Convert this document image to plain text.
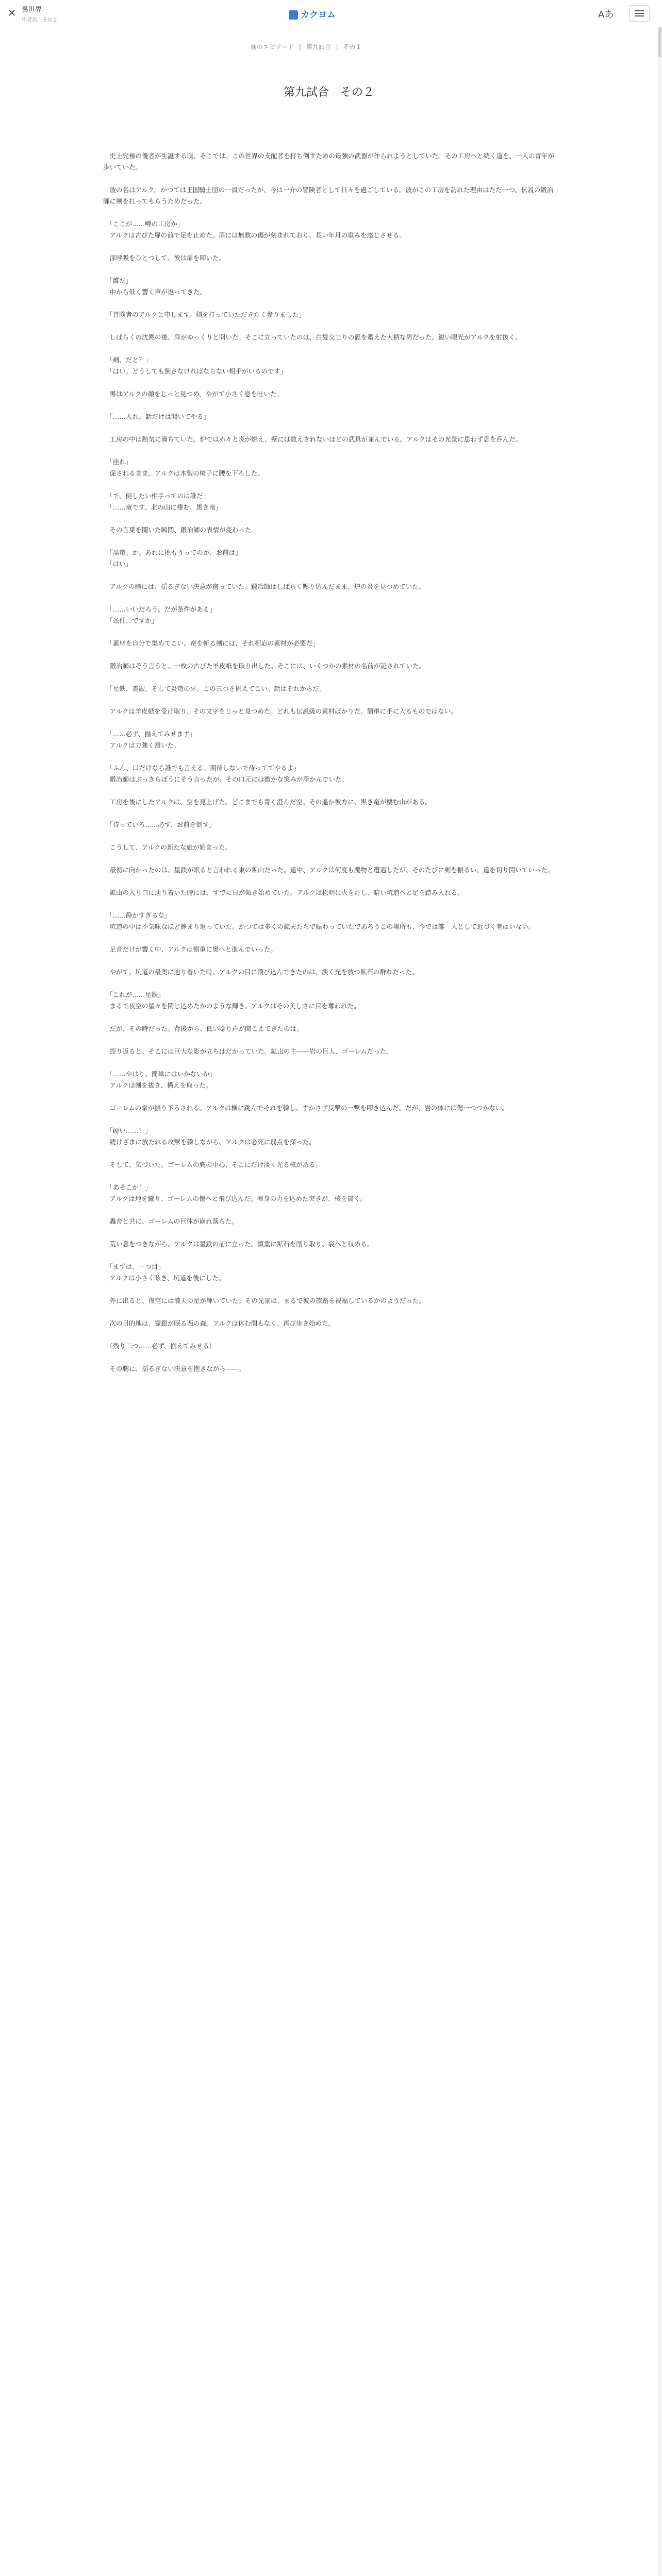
✕ 異世界
作者名　その２
カクヨム	Aあ
前のエピソード | 第九試合 | その１
第九試合　その２

　史上究極の優者が生誕する頃、そこでは、この世界の支配者を打ち倒すための最強の武器が作られようとしていた。その工房へと続く道を、一人の青年が歩いていた。

　彼の名はアルク。かつては王国騎士団の一員だったが、今は一介の冒険者として日々を過ごしている。彼がこの工房を訪れた理由はただ一つ、伝説の鍛冶師に剣を打ってもらうためだった。

　「ここが……噂の工房か」
　アルクは古びた扉の前で足を止めた。扉には無数の傷が刻まれており、長い年月の重みを感じさせる。

　深呼吸をひとつして、彼は扉を叩いた。

　「誰だ」
　中から低く響く声が返ってきた。

　「冒険者のアルクと申します。剣を打っていただきたく参りました」

　しばらくの沈黙の後、扉がゆっくりと開いた。そこに立っていたのは、白髪交じりの髭を蓄えた大柄な男だった。鋭い眼光がアルクを射抜く。

　「剣、だと？」
　「はい。どうしても倒さなければならない相手がいるのです」

　男はアルクの顔をじっと見つめ、やがて小さく息を吐いた。

　「……入れ。話だけは聞いてやる」

　工房の中は熱気に満ちていた。炉では赤々と炎が燃え、壁には数えきれないほどの武具が並んでいる。アルクはその光景に思わず息を呑んだ。

　「座れ」
　促されるまま、アルクは木製の椅子に腰を下ろした。

　「で、倒したい相手ってのは誰だ」
　「……竜です。北の山に棲む、黒き竜」

　その言葉を聞いた瞬間、鍛冶師の表情が変わった。

　「黒竜、か。あれに挑もうってのか、お前は」
　「はい」

　アルクの瞳には、揺るぎない決意が宿っていた。鍛冶師はしばらく黙り込んだまま、炉の炎を見つめていた。

　「……いいだろう。だが条件がある」
　「条件、ですか」

　「素材を自分で集めてこい。竜を斬る剣には、それ相応の素材が必要だ」

　鍛冶師はそう言うと、一枚の古びた羊皮紙を取り出した。そこには、いくつかの素材の名前が記されていた。

　「星鉄、霊銀、そして炎竜の牙。この三つを揃えてこい。話はそれからだ」

　アルクは羊皮紙を受け取り、その文字をじっと見つめた。どれも伝説級の素材ばかりだ。簡単に手に入るものではない。

　「……必ず、揃えてみせます」
　アルクは力強く頷いた。

　「ふん、口だけなら誰でも言える。期待しないで待っててやるよ」
　鍛冶師はぶっきらぼうにそう言ったが、その口元には微かな笑みが浮かんでいた。

　工房を後にしたアルクは、空を見上げた。どこまでも青く澄んだ空。その遥か彼方に、黒き竜が棲む山がある。

　「待っていろ……必ず、お前を倒す」

　こうして、アルクの新たな旅が始まった。

　最初に向かったのは、星鉄が眠ると言われる東の鉱山だった。道中、アルクは何度も魔物と遭遇したが、そのたびに剣を振るい、道を切り開いていった。

　鉱山の入り口に辿り着いた時には、すでに日が傾き始めていた。アルクは松明に火を灯し、暗い坑道へと足を踏み入れる。

　「……静かすぎるな」
　坑道の中は不気味なほど静まり返っていた。かつては多くの鉱夫たちで賑わっていたであろうこの場所も、今では誰一人として近づく者はいない。

　足音だけが響く中、アルクは慎重に奥へと進んでいった。

　やがて、坑道の最奥に辿り着いた時、アルクの目に飛び込んできたのは、淡く光を放つ鉱石の群れだった。

　「これが……星鉄」
　まるで夜空の星々を閉じ込めたかのような輝き。アルクはその美しさに目を奪われた。

　だが、その時だった。背後から、低い唸り声が聞こえてきたのは。

　振り返ると、そこには巨大な影が立ちはだかっていた。鉱山の主――岩の巨人、ゴーレムだった。

　「……やはり、簡単にはいかないか」
　アルクは剣を抜き、構えを取った。

　ゴーレムの拳が振り下ろされる。アルクは横に跳んでそれを躱し、すかさず反撃の一撃を叩き込んだ。だが、岩の体には傷一つつかない。

　「硬い……！」
　続けざまに放たれる攻撃を躱しながら、アルクは必死に弱点を探った。

　そして、気づいた。ゴーレムの胸の中心、そこにだけ淡く光る核がある。

　「あそこか！」
　アルクは地を蹴り、ゴーレムの懐へと飛び込んだ。渾身の力を込めた突きが、核を貫く。

　轟音と共に、ゴーレムの巨体が崩れ落ちた。

　荒い息をつきながら、アルクは星鉄の前に立った。慎重に鉱石を削り取り、袋へと収める。

　「まずは、一つ目」
　アルクは小さく呟き、坑道を後にした。

　外に出ると、夜空には満天の星が輝いていた。その光景は、まるで彼の旅路を祝福しているかのようだった。

　次の目的地は、霊銀が眠る西の森。アルクは休む間もなく、再び歩き始めた。

　（残り二つ……必ず、揃えてみせる）

　その胸に、揺るぎない決意を抱きながら――。
